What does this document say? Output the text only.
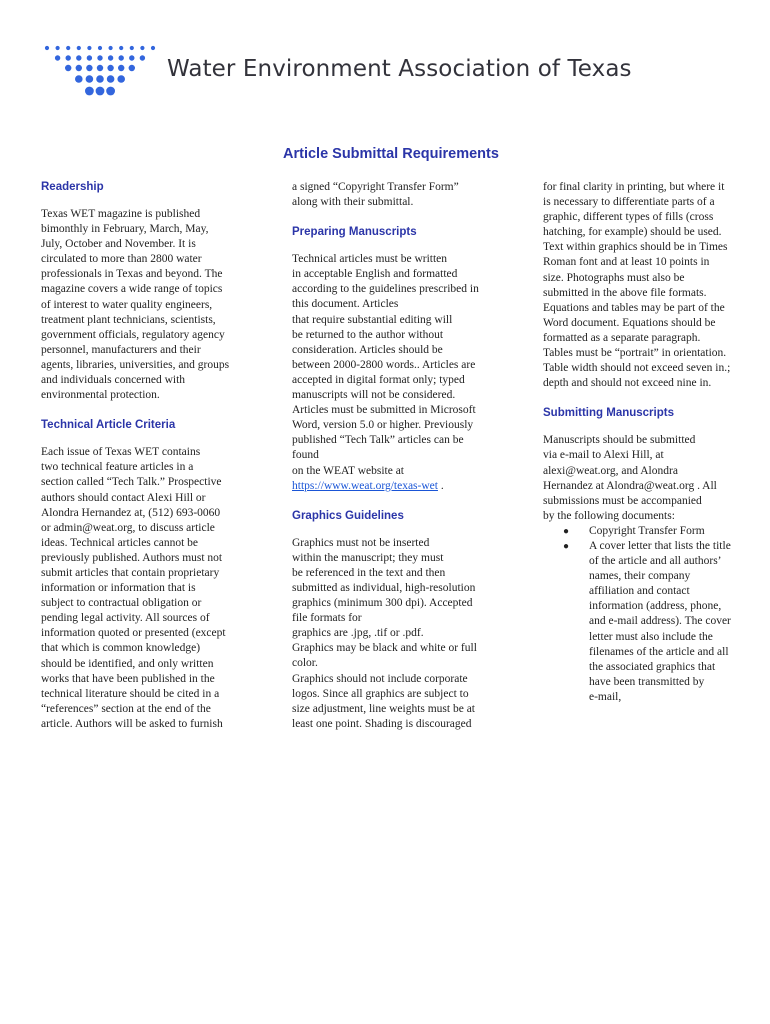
Water Environment Association of Texas
Article Submittal Requirements
Readership
Texas WET magazine is published
bimonthly in February, March, May,
July, October and November. It is
circulated to more than 2800 water
professionals in Texas and beyond. The
magazine covers a wide range of topics
of interest to water quality engineers,
treatment plant technicians, scientists,
government officials, regulatory agency
personnel, manufacturers and their
agents, libraries, universities, and groups
and individuals concerned with
environmental protection.
Technical Article Criteria
Each issue of Texas WET contains
two technical feature articles in a
section called “Tech Talk.” Prospective
authors should contact Alexi Hill or
Alondra Hernandez at, (512) 693-0060
or admin@weat.org, to discuss article
ideas. Technical articles cannot be
previously published. Authors must not
submit articles that contain proprietary
information or information that is
subject to contractual obligation or
pending legal activity. All sources of
information quoted or presented (except
that which is common knowledge)
should be identified, and only written
works that have been published in the
technical literature should be cited in a
“references” section at the end of the
article. Authors will be asked to furnish
a signed “Copyright Transfer Form”
along with their submittal.
Preparing Manuscripts
Technical articles must be written
in acceptable English and formatted
according to the guidelines prescribed in
this document. Articles
that require substantial editing will
be returned to the author without
consideration. Articles should be
between 2000-2800 words.. Articles are
accepted in digital format only; typed
manuscripts will not be considered.
Articles must be submitted in Microsoft
Word, version 5.0 or higher. Previously
published “Tech Talk” articles can be
found
on the WEAT website at
https://www.weat.org/texas-wet .
Graphics Guidelines
Graphics must not be inserted
within the manuscript; they must
be referenced in the text and then
submitted as individual, high-resolution
graphics (minimum 300 dpi). Accepted
file formats for
graphics are .jpg, .tif or .pdf.
Graphics may be black and white or full
color.
Graphics should not include corporate
logos. Since all graphics are subject to
size adjustment, line weights must be at
least one point. Shading is discouraged
for final clarity in printing, but where it
is necessary to differentiate parts of a
graphic, different types of fills (cross
hatching, for example) should be used.
Text within graphics should be in Times
Roman font and at least 10 points in
size. Photographs must also be
submitted in the above file formats.
Equations and tables may be part of the
Word document. Equations should be
formatted as a separate paragraph.
Tables must be “portrait” in orientation.
Table width should not exceed seven in.;
depth and should not exceed nine in.
Submitting Manuscripts
Manuscripts should be submitted
via e-mail to Alexi Hill, at
alexi@weat.org, and Alondra
Hernandez at Alondra@weat.org . All
submissions must be accompanied
by the following documents:
●	Copyright Transfer Form
●	A cover letter that lists the title
of the article and all authors’
names, their company
affiliation and contact
information (address, phone,
and e-mail address). The cover
letter must also include the
filenames of the article and all
the associated graphics that
have been transmitted by
e-mail,
